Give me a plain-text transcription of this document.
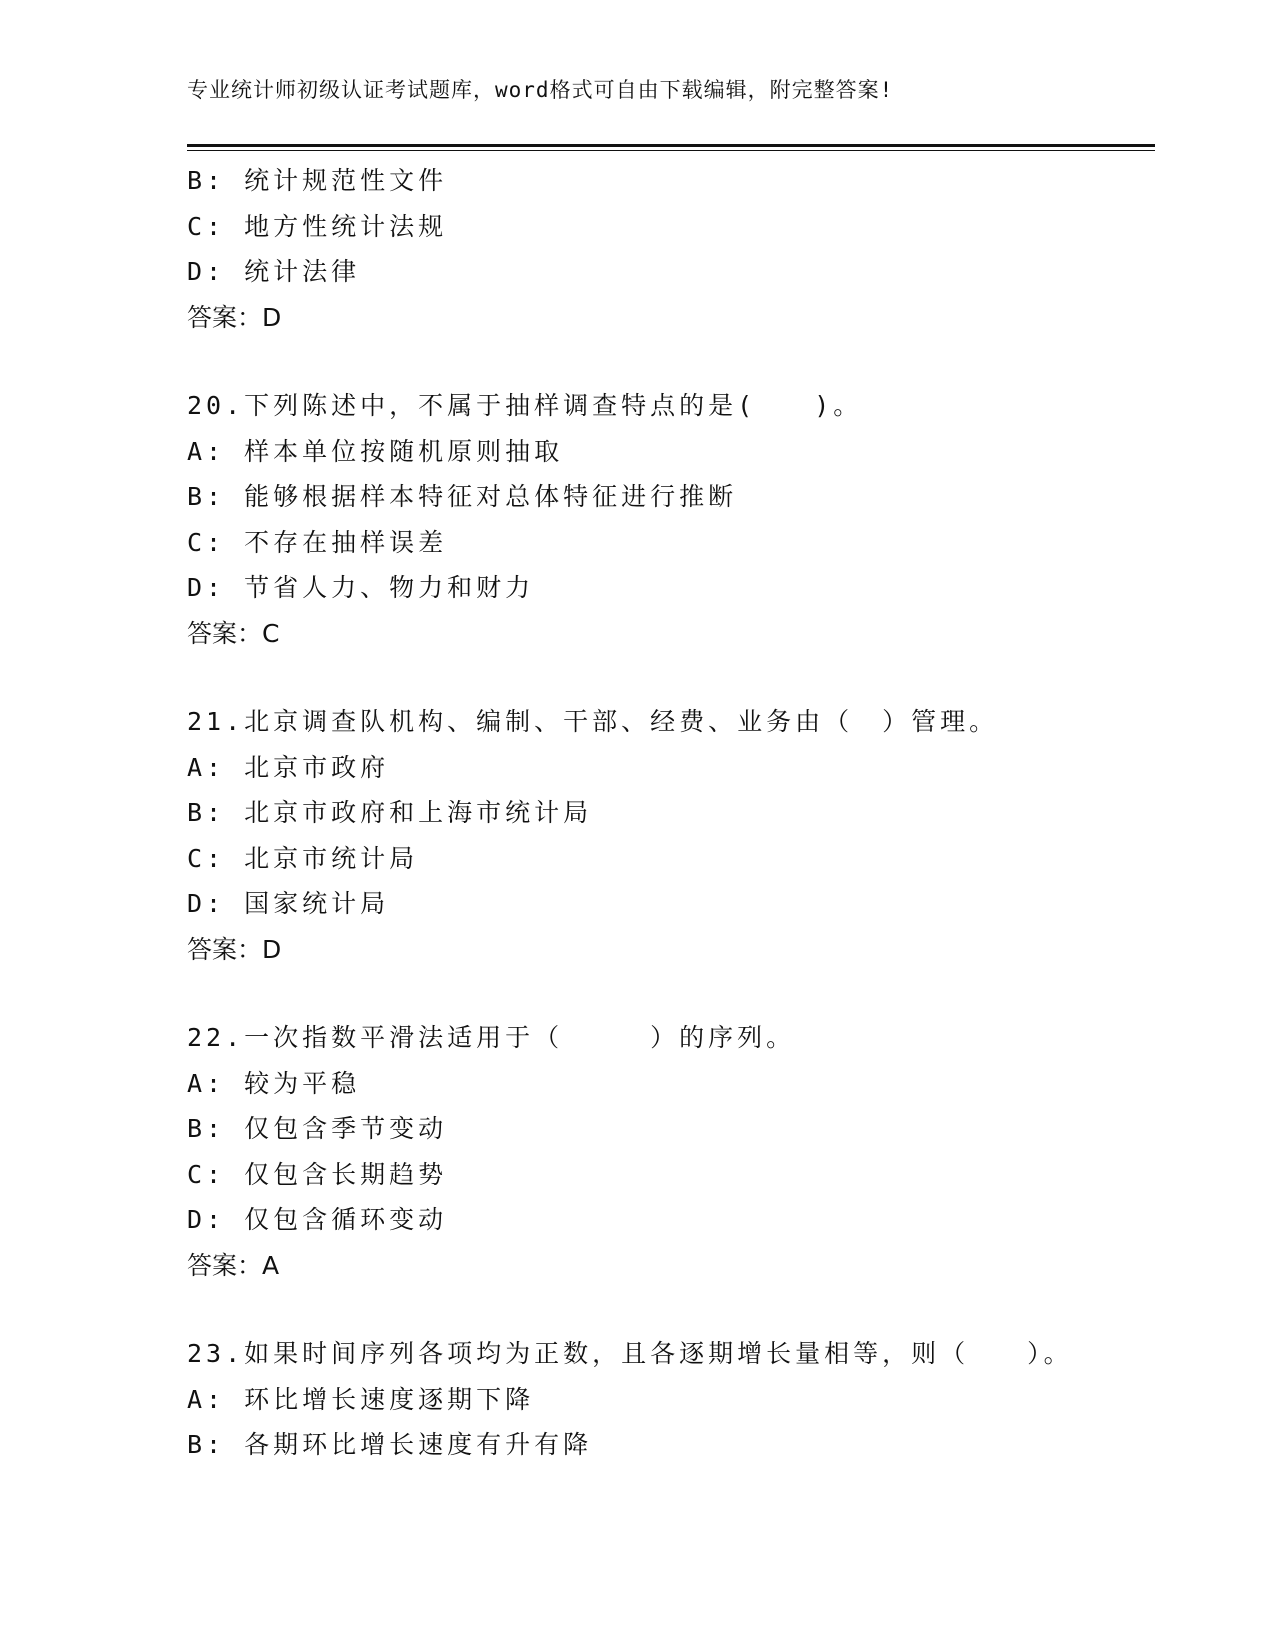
专业统计师初级认证考试题库，word格式可自由下载编辑，附完整答案!
B: 统计规范性文件
C: 地方性统计法规
D: 统计法律
答案：D
20.下列陈述中，不属于抽样调查特点的是(　　)。
A: 样本单位按随机原则抽取
B: 能够根据样本特征对总体特征进行推断
C: 不存在抽样误差
D: 节省人力、物力和财力
答案：C
21.北京调查队机构、编制、干部、经费、业务由（　）管理。
A: 北京市政府
B: 北京市政府和上海市统计局
C: 北京市统计局
D: 国家统计局
答案：D
22.一次指数平滑法适用于（　　　）的序列。
A: 较为平稳
B: 仅包含季节变动
C: 仅包含长期趋势
D: 仅包含循环变动
答案：A
23.如果时间序列各项均为正数，且各逐期增长量相等，则（　　）。
A: 环比增长速度逐期下降
B: 各期环比增长速度有升有降
